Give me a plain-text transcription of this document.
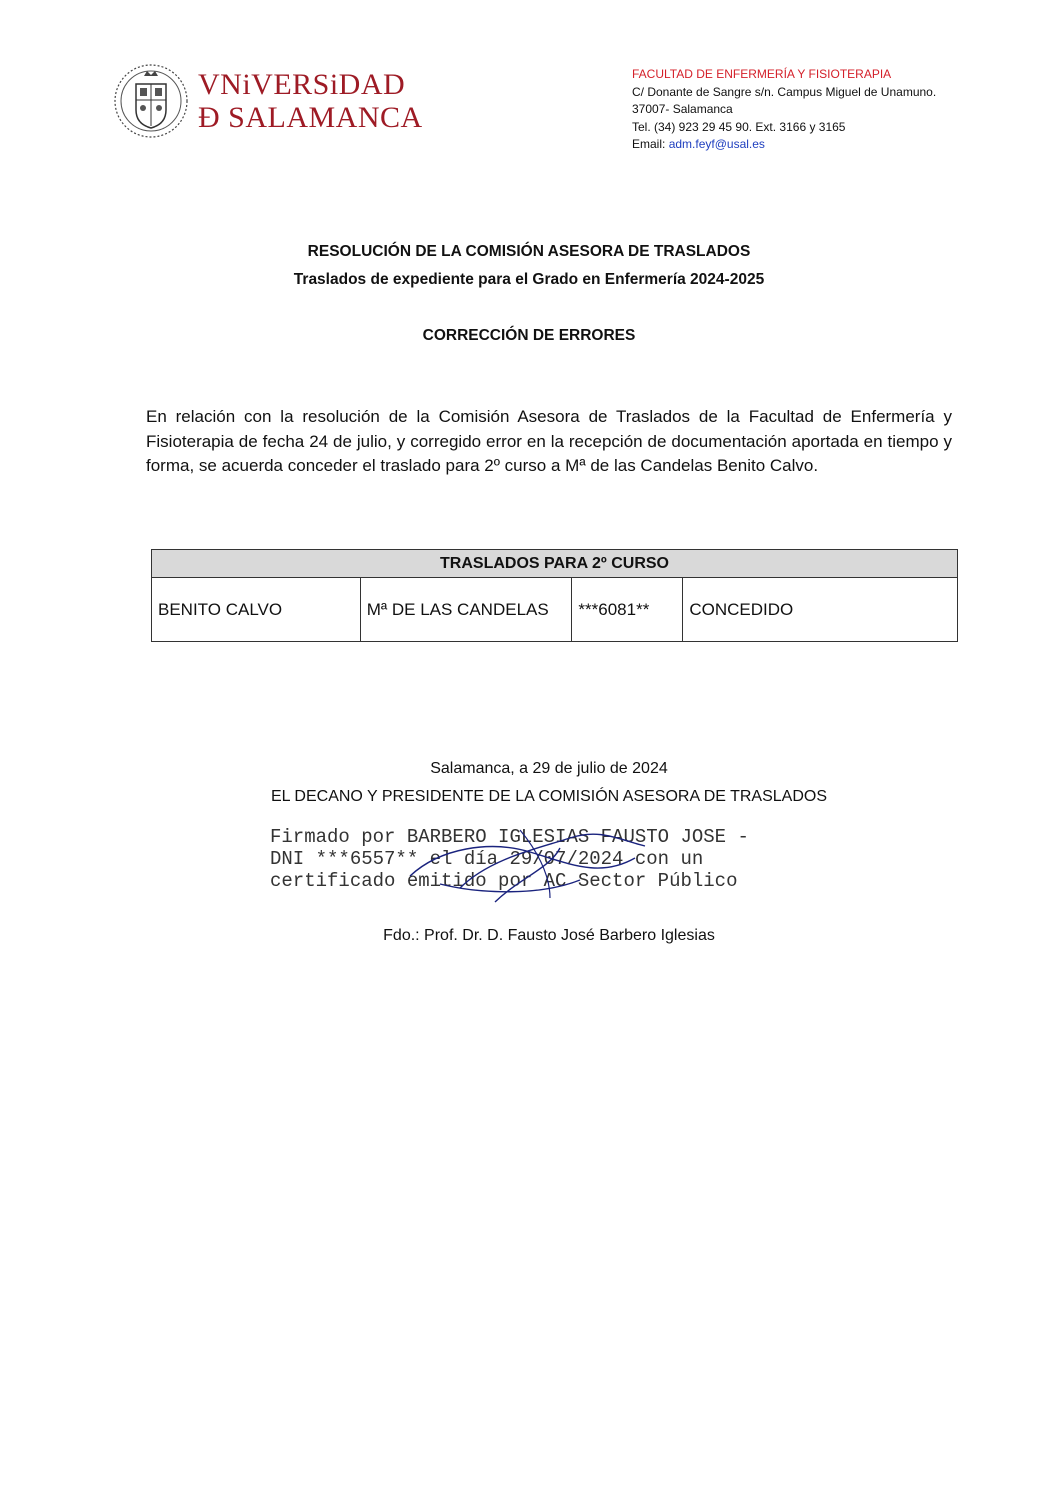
VNiVERSiDAD
Ð SALAMANCA
FACULTAD DE ENFERMERÍA Y FISIOTERAPIA
C/ Donante de Sangre s/n. Campus Miguel de Unamuno.
37007- Salamanca
Tel. (34) 923 29 45 90. Ext. 3166 y 3165
Email: adm.feyf@usal.es
RESOLUCIÓN DE LA COMISIÓN ASESORA DE TRASLADOS
Traslados de expediente para el Grado en Enfermería 2024-2025
CORRECCIÓN DE ERRORES
En relación con la resolución de la Comisión Asesora de Traslados de la Facultad de Enfermería y Fisioterapia de fecha 24 de julio, y corregido error en la recepción de documentación aportada en tiempo y forma, se acuerda conceder el traslado para 2º curso a Mª de las Candelas Benito Calvo.
TRASLADOS PARA 2º CURSO
BENITO CALVO	Mª DE LAS CANDELAS	***6081**	CONCEDIDO
Salamanca, a 29 de julio de 2024
EL DECANO Y PRESIDENTE DE LA COMISIÓN ASESORA DE TRASLADOS
Firmado por BARBERO IGLESIAS FAUSTO JOSE -
DNI ***6557** el día 29/07/2024 con un
certificado emitido por AC Sector Público
Fdo.: Prof. Dr. D. Fausto José Barbero Iglesias
